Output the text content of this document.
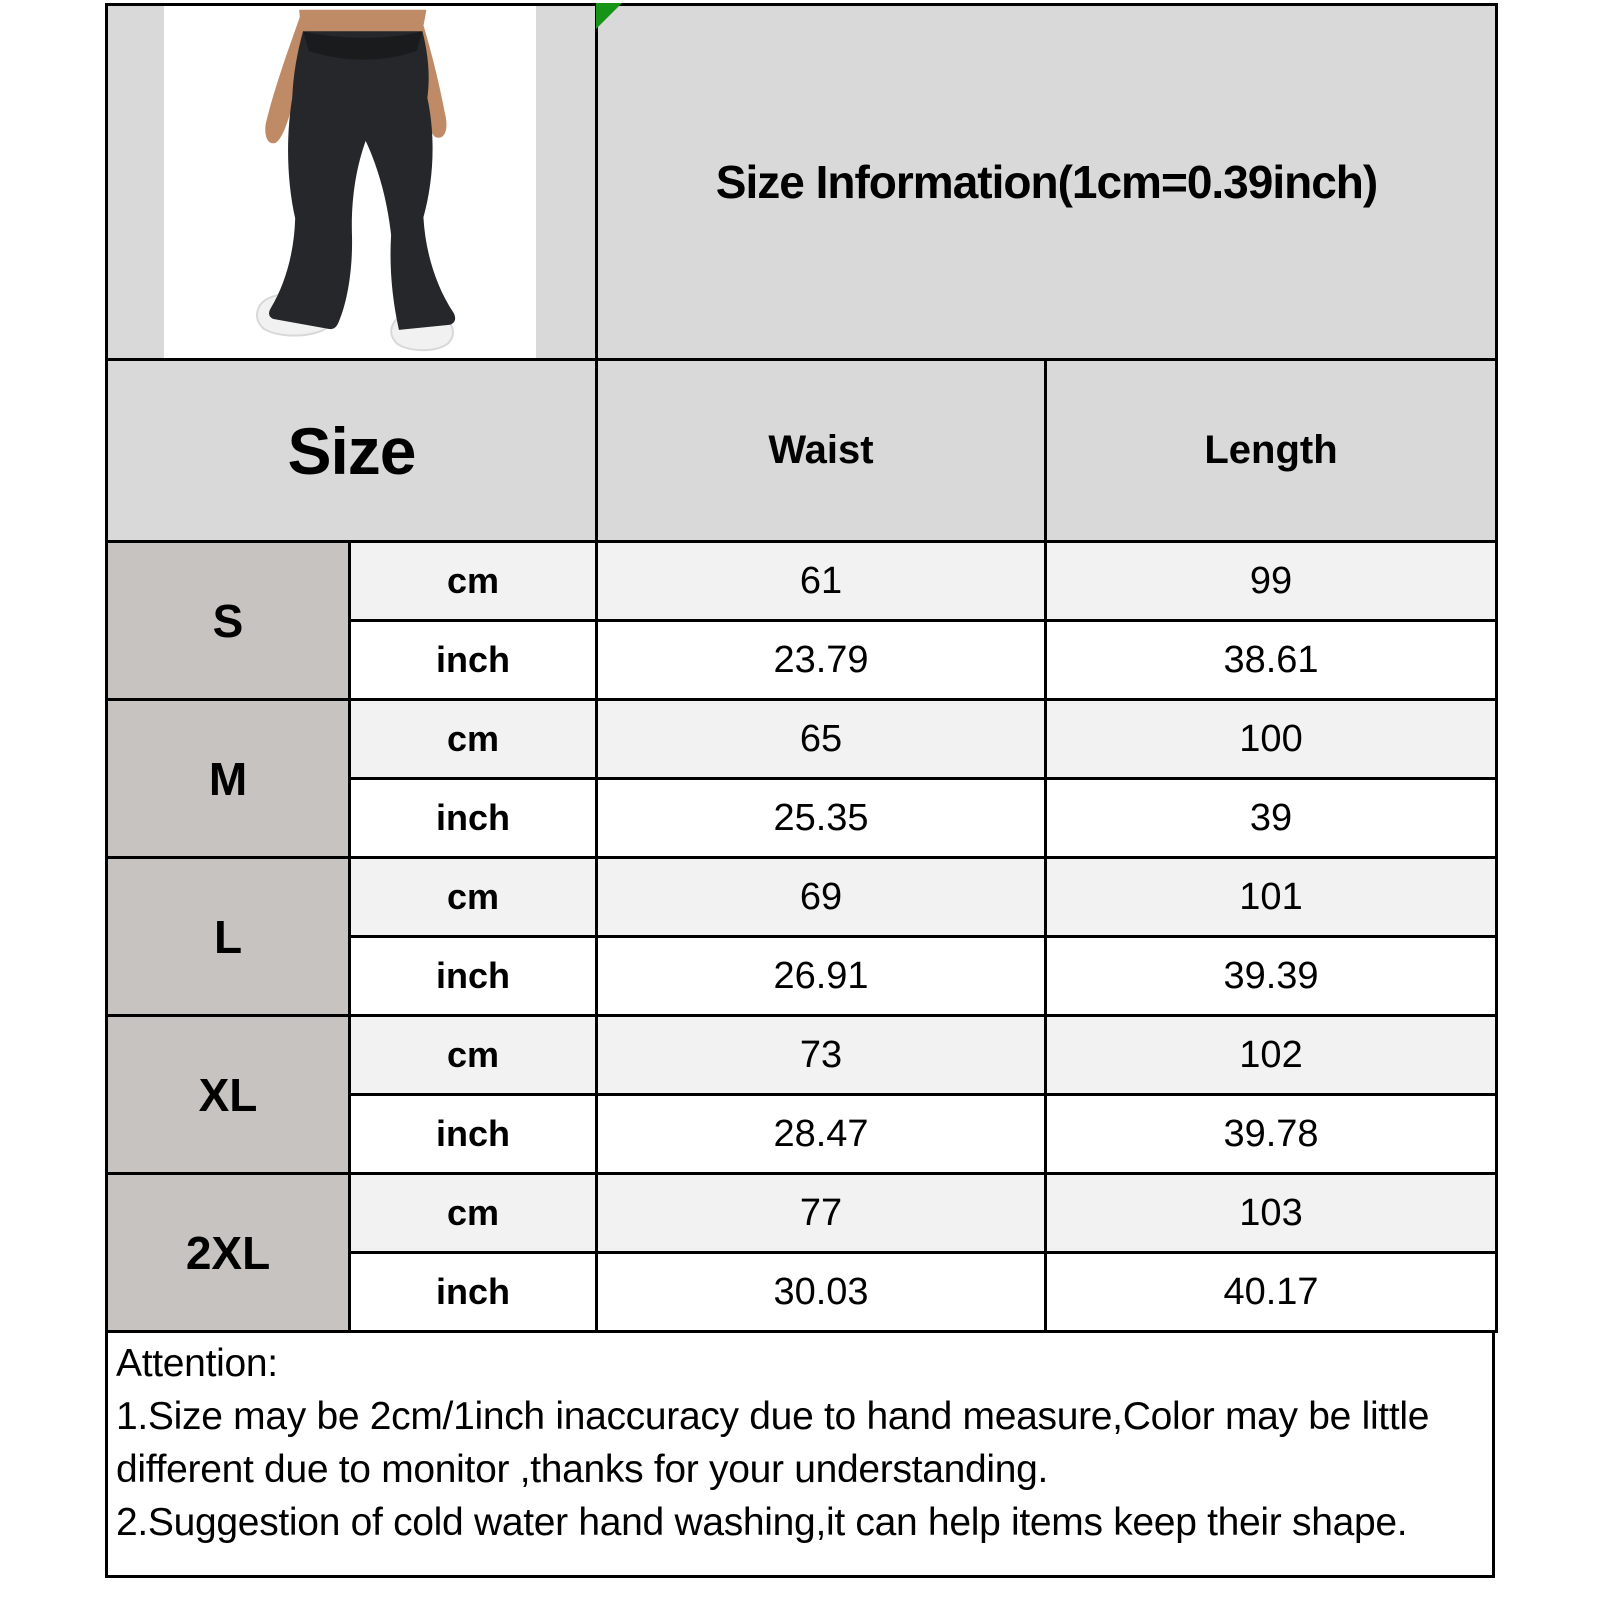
	Size Information(1cm=0.39inch)	
Size		Waist	Length
S	cm	61	99
	inch	23.79	38.61
M	cm	65	100
	inch	25.35	39
L	cm	69	101
	inch	26.91	39.39
XL	cm	73	102
	inch	28.47	39.78
2XL	cm	77	103
	inch	30.03	40.17
Attention:
1.Size may be 2cm/1inch inaccuracy due to hand measure,Color may be little different due to monitor ,thanks for your understanding.
2.Suggestion of cold water hand washing,it can help items keep their shape.
